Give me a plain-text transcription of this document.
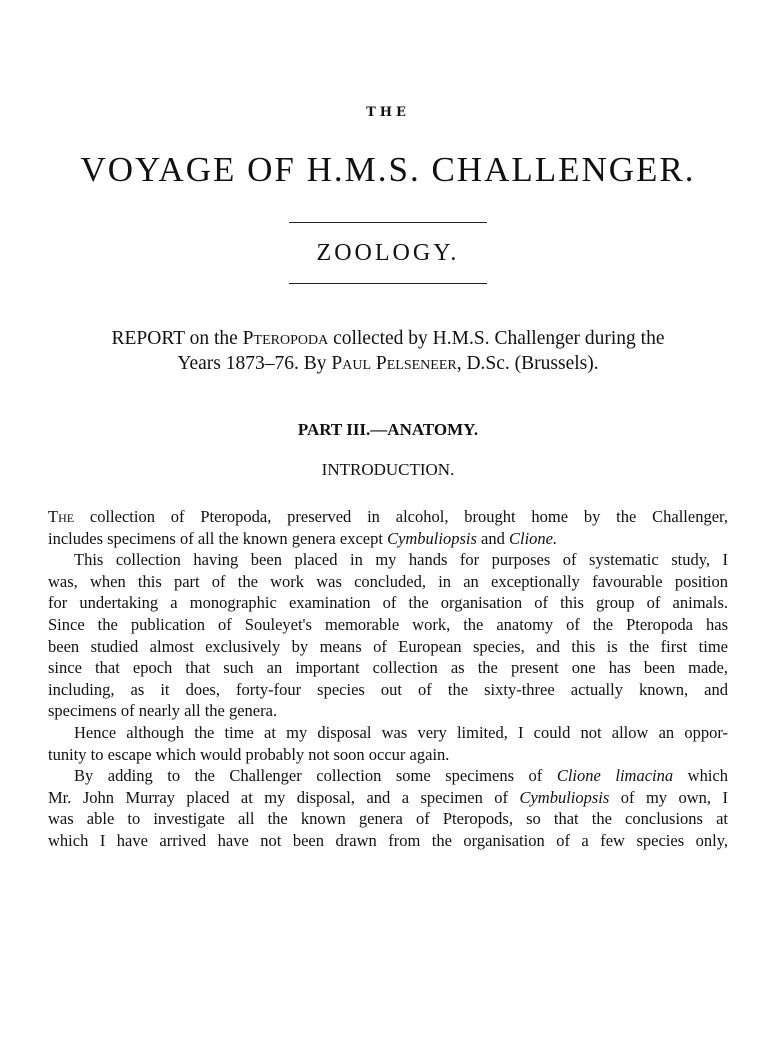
THE
VOYAGE OF H.M.S. CHALLENGER.
ZOOLOGY.
REPORT on the Pteropoda collected by H.M.S. Challenger during the
Years 1873–76. By Paul Pelseneer, D.Sc. (Brussels).
PART III.—ANATOMY.
INTRODUCTION.
The collection of Pteropoda, preserved in alcohol, brought home by the Challenger,
includes specimens of all the known genera except Cymbuliopsis and Clione.
This collection having been placed in my hands for purposes of systematic study, I
was, when this part of the work was concluded, in an exceptionally favourable position
for undertaking a monographic examination of the organisation of this group of animals.
Since the publication of Souleyet's memorable work, the anatomy of the Pteropoda has
been studied almost exclusively by means of European species, and this is the first time
since that epoch that such an important collection as the present one has been made,
including, as it does, forty-four species out of the sixty-three actually known, and
specimens of nearly all the genera.
Hence although the time at my disposal was very limited, I could not allow an oppor-
tunity to escape which would probably not soon occur again.
By adding to the Challenger collection some specimens of Clione limacina which
Mr. John Murray placed at my disposal, and a specimen of Cymbuliopsis of my own, I
was able to investigate all the known genera of Pteropods, so that the conclusions at
which I have arrived have not been drawn from the organisation of a few species only,
